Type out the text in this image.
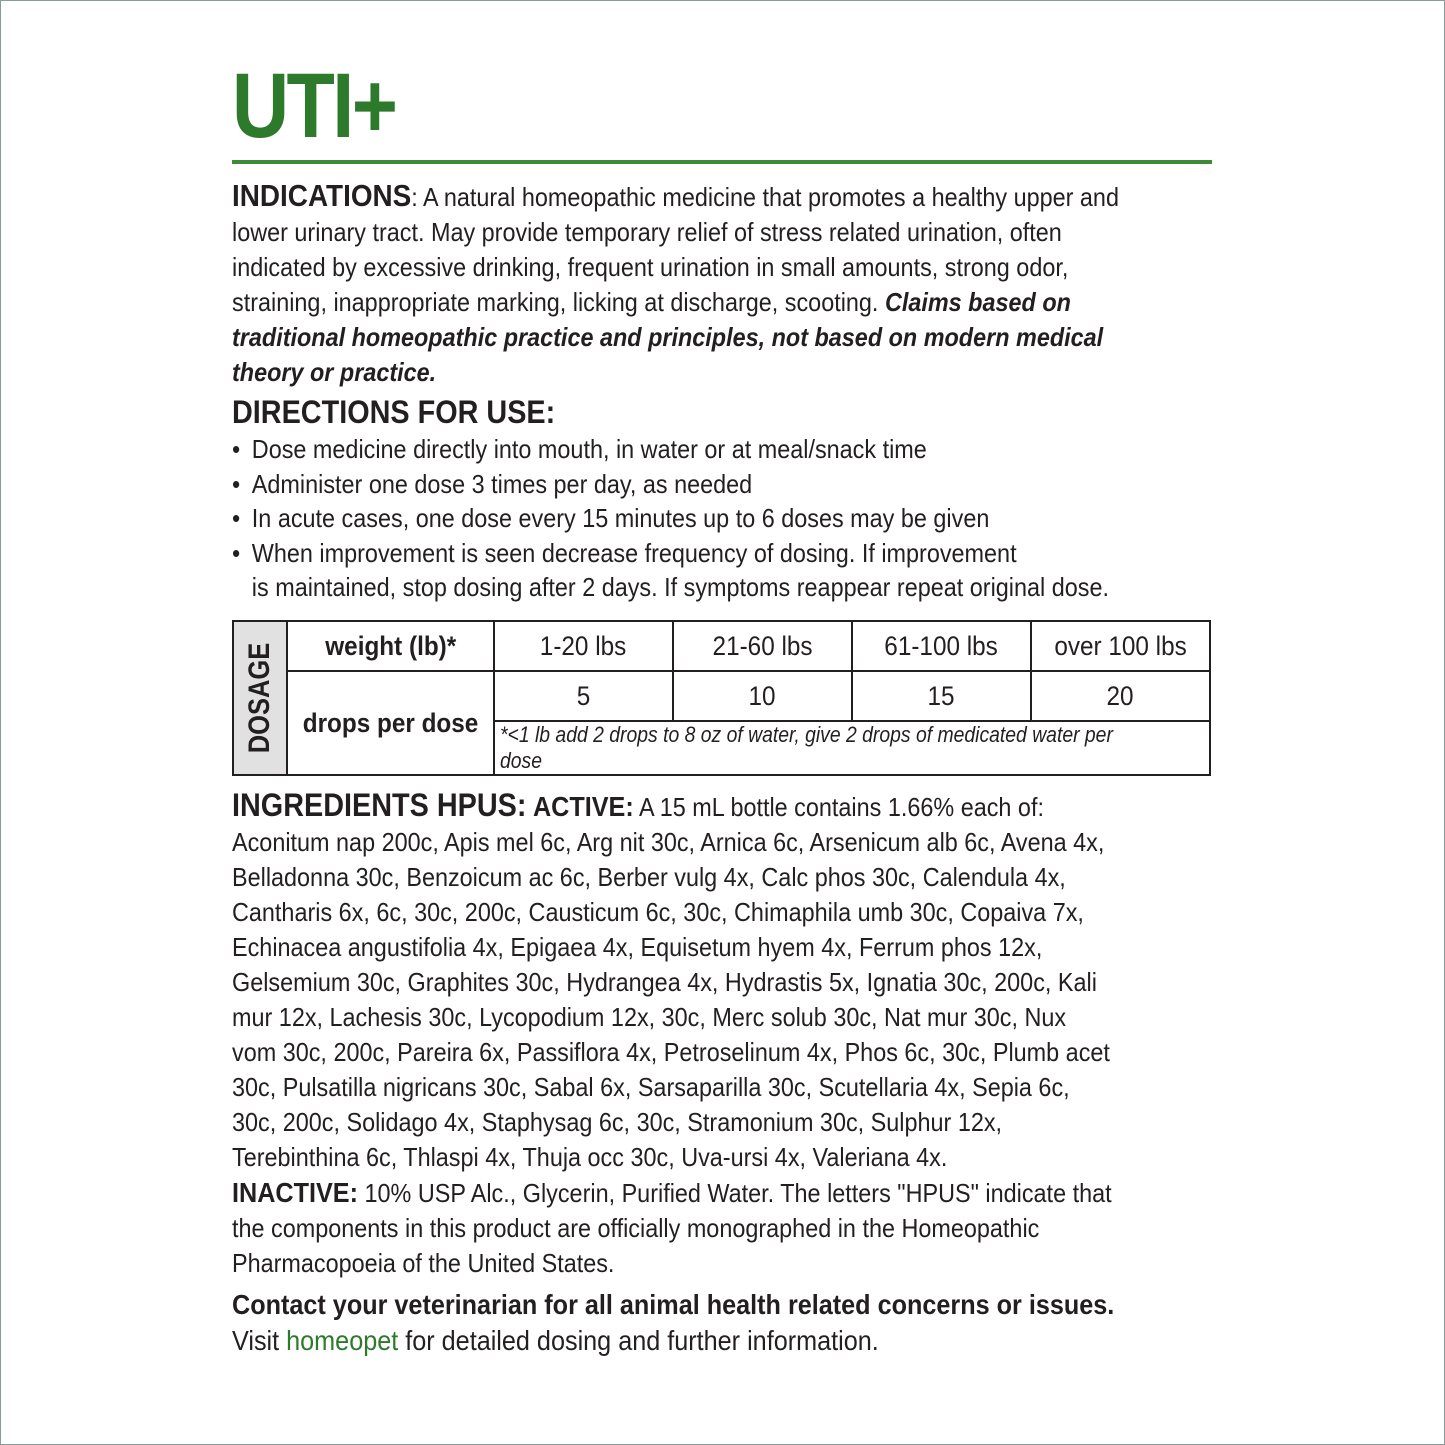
UTI+

INDICATIONS: A natural homeopathic medicine that promotes a healthy upper and

lower urinary tract. May provide temporary relief of stress related urination, often

indicated by excessive drinking, frequent urination in small amounts, strong odor,

straining, inappropriate marking, licking at discharge, scooting. Claims based on

traditional homeopathic practice and principles, not based on modern medical

theory or practice.

DIRECTIONS FOR USE:
• Dose medicine directly into mouth, in water or at meal/snack time
• Administer one dose 3 times per day, as needed
• In acute cases, one dose every 15 minutes up to 6 doses may be given
• When improvement is seen decrease frequency of dosing. If improvement
is maintained, stop dosing after 2 days. If symptoms reappear repeat original dose.
DOSAGE	weight (lb)*	1-20 lbs	21-60 lbs	61-100 lbs	over 100 lbs
	drops per dose	5	10	15	20
		*<1 lb add 2 drops to 8 oz of water, give 2 drops of medicated water per dose			

INGREDIENTS HPUS: ACTIVE: A 15 mL bottle contains 1.66% each of:

Aconitum nap 200c, Apis mel 6c, Arg nit 30c, Arnica 6c, Arsenicum alb 6c, Avena 4x,

Belladonna 30c, Benzoicum ac 6c, Berber vulg 4x, Calc phos 30c, Calendula 4x,

Cantharis 6x, 6c, 30c, 200c, Causticum 6c, 30c, Chimaphila umb 30c, Copaiva 7x,

Echinacea angustifolia 4x, Epigaea 4x, Equisetum hyem 4x, Ferrum phos 12x,

Gelsemium 30c, Graphites 30c, Hydrangea 4x, Hydrastis 5x, Ignatia 30c, 200c, Kali

mur 12x, Lachesis 30c, Lycopodium 12x, 30c, Merc solub 30c, Nat mur 30c, Nux

vom 30c, 200c, Pareira 6x, Passiflora 4x, Petroselinum 4x, Phos 6c, 30c, Plumb acet

30c, Pulsatilla nigricans 30c, Sabal 6x, Sarsaparilla 30c, Scutellaria 4x, Sepia 6c,

30c, 200c, Solidago 4x, Staphysag 6c, 30c, Stramonium 30c, Sulphur 12x,

Terebinthina 6c, Thlaspi 4x, Thuja occ 30c, Uva-ursi 4x, Valeriana 4x.

INACTIVE: 10% USP Alc., Glycerin, Purified Water. The letters "HPUS" indicate that

the components in this product are officially monographed in the Homeopathic

Pharmacopoeia of the United States.

Contact your veterinarian for all animal health related concerns or issues.

Visit homeopet for detailed dosing and further information.
